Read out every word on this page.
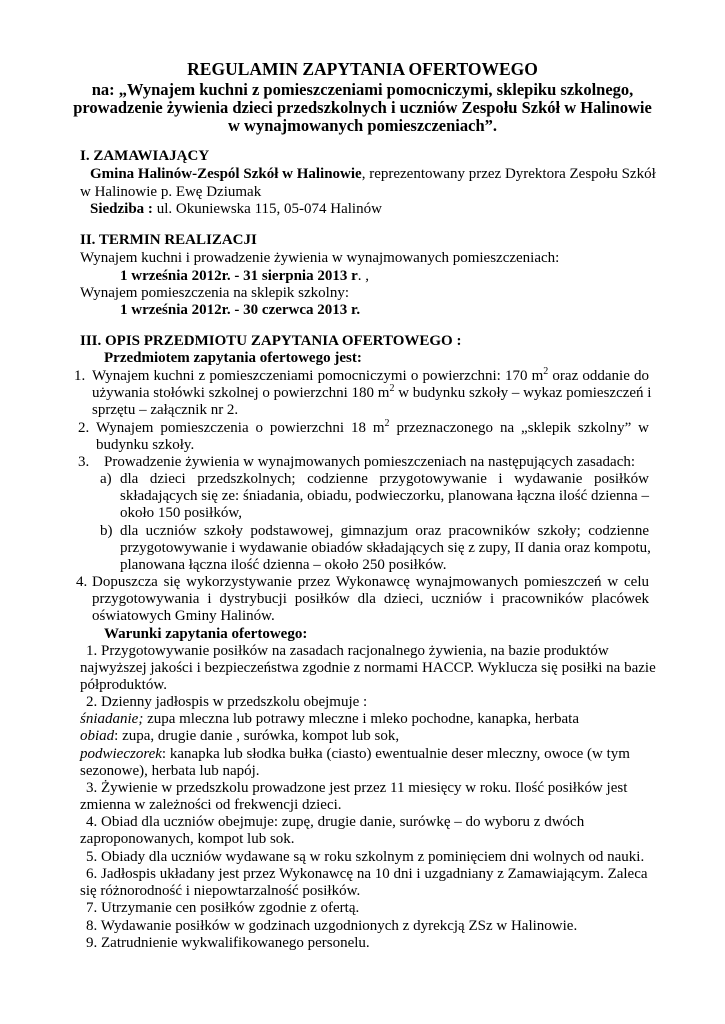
REGULAMIN ZAPYTANIA OFERTOWEGO
na: „Wynajem kuchni z pomieszczeniami pomocniczymi, sklepiku szkolnego,
prowadzenie żywienia dzieci przedszkolnych i uczniów Zespołu Szkół w Halinowie
w wynajmowanych pomieszczeniach”.
I. ZAMAWIAJĄCY
Gmina Halinów-Zespól Szkół w Halinowie, reprezentowany przez Dyrektora Zespołu Szkół
w Halinowie p. Ewę Dziumak
Siedziba : ul. Okuniewska 115, 05-074 Halinów
II. TERMIN REALIZACJI
Wynajem kuchni i prowadzenie żywienia w wynajmowanych pomieszczeniach:
1 września 2012r. - 31 sierpnia 2013 r. ,
Wynajem pomieszczenia na sklepik szkolny:
1 września 2012r. - 30 czerwca 2013 r.
III. OPIS PRZEDMIOTU ZAPYTANIA OFERTOWEGO :
Przedmiotem zapytania ofertowego jest:
1. Wynajem kuchni z pomieszczeniami pomocniczymi o powierzchni: 170 $m^2$ oraz oddanie do
używania stołówki szkolnej o powierzchni 180 $m^2$ w budynku szkoły – wykaz pomieszczeń i
sprzętu – załącznik nr 2.
2. Wynajem pomieszczenia o powierzchni 18 $m^2$ przeznaczonego na „sklepik szkolny” w
budynku szkoły.
3. Prowadzenie żywienia w wynajmowanych pomieszczeniach na następujących zasadach:
a) dla dzieci przedszkolnych; codzienne przygotowywanie i wydawanie posiłków
składających się ze: śniadania, obiadu, podwieczorku, planowana łączna ilość dzienna –
około 150 posiłków,
b) dla uczniów szkoły podstawowej, gimnazjum oraz pracowników szkoły; codzienne
przygotowywanie i wydawanie obiadów składających się z zupy, II dania oraz kompotu,
planowana łączna ilość dzienna – około 250 posiłków.
4. Dopuszcza się wykorzystywanie przez Wykonawcę wynajmowanych pomieszczeń w celu
przygotowywania i dystrybucji posiłków dla dzieci, uczniów i pracowników placówek
oświatowych Gminy Halinów.
Warunki zapytania ofertowego:
1. Przygotowywanie posiłków na zasadach racjonalnego żywienia, na bazie produktów
najwyższej jakości i bezpieczeństwa zgodnie z normami HACCP. Wyklucza się posiłki na bazie
półproduktów.
2. Dzienny jadłospis w przedszkolu obejmuje :
śniadanie; zupa mleczna lub potrawy mleczne i mleko pochodne, kanapka, herbata
obiad: zupa, drugie danie , surówka, kompot lub sok,
podwieczorek: kanapka lub słodka bułka (ciasto) ewentualnie deser mleczny, owoce (w tym
sezonowe), herbata lub napój.
3. Żywienie w przedszkolu prowadzone jest przez 11 miesięcy w roku. Ilość posiłków jest
zmienna w zależności od frekwencji dzieci.
4. Obiad dla uczniów obejmuje: zupę, drugie danie, surówkę – do wyboru z dwóch
zaproponowanych, kompot lub sok.
5. Obiady dla uczniów wydawane są w roku szkolnym z pominięciem dni wolnych od nauki.
6. Jadłospis układany jest przez Wykonawcę na 10 dni i uzgadniany z Zamawiającym. Zaleca
się różnorodność i niepowtarzalność posiłków.
7. Utrzymanie cen posiłków zgodnie z ofertą.
8. Wydawanie posiłków w godzinach uzgodnionych z dyrekcją ZSz w Halinowie.
9. Zatrudnienie wykwalifikowanego personelu.
